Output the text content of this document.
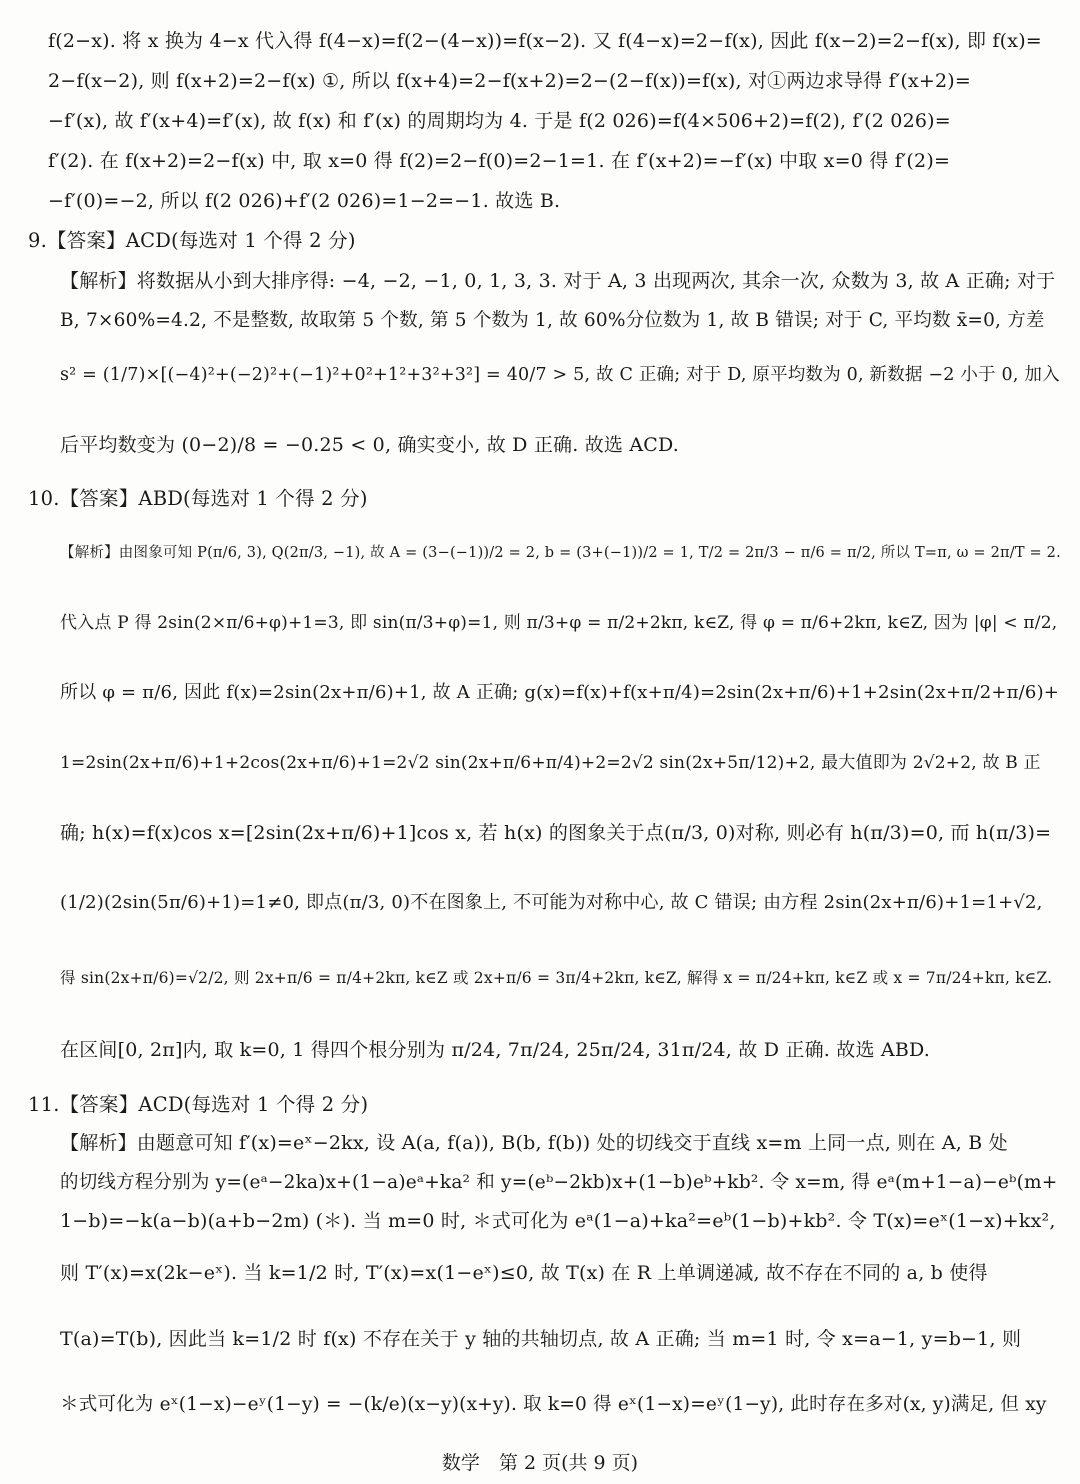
f(2−x). 将 x 换为 4−x 代入得 f(4−x)=f(2−(4−x))=f(x−2). 又 f(4−x)=2−f(x), 因此 f(x−2)=2−f(x), 即 f(x)=
2−f(x−2), 则 f(x+2)=2−f(x) ①, 所以 f(x+4)=2−f(x+2)=2−(2−f(x))=f(x), 对①两边求导得 f′(x+2)=
−f′(x), 故 f′(x+4)=f′(x), 故 f(x) 和 f′(x) 的周期均为 4. 于是 f(2 026)=f(4×506+2)=f(2), f′(2 026)=
f′(2). 在 f(x+2)=2−f(x) 中, 取 x=0 得 f(2)=2−f(0)=2−1=1. 在 f′(x+2)=−f′(x) 中取 x=0 得 f′(2)=
−f′(0)=−2, 所以 f(2 026)+f′(2 026)=1−2=−1. 故选 B.
9.【答案】ACD(每选对 1 个得 2 分)
【解析】将数据从小到大排序得: −4, −2, −1, 0, 1, 3, 3. 对于 A, 3 出现两次, 其余一次, 众数为 3, 故 A 正确; 对于
B, 7×60%=4.2, 不是整数, 故取第 5 个数, 第 5 个数为 1, 故 60%分位数为 1, 故 B 错误; 对于 C, 平均数 x̄=0, 方差
s² = (1/7)×[(−4)²+(−2)²+(−1)²+0²+1²+3²+3²] = 40/7 > 5, 故 C 正确; 对于 D, 原平均数为 0, 新数据 −2 小于 0, 加入
后平均数变为 (0−2)/8 = −0.25 < 0, 确实变小, 故 D 正确. 故选 ACD.
10.【答案】ABD(每选对 1 个得 2 分)
【解析】由图象可知 P(π/6, 3), Q(2π/3, −1), 故 A = (3−(−1))/2 = 2, b = (3+(−1))/2 = 1, T/2 = 2π/3 − π/6 = π/2, 所以 T=π, ω = 2π/T = 2.
代入点 P 得 2sin(2×π/6+φ)+1=3, 即 sin(π/3+φ)=1, 则 π/3+φ = π/2+2kπ, k∈Z, 得 φ = π/6+2kπ, k∈Z, 因为 |φ| < π/2,
所以 φ = π/6, 因此 f(x)=2sin(2x+π/6)+1, 故 A 正确; g(x)=f(x)+f(x+π/4)=2sin(2x+π/6)+1+2sin(2x+π/2+π/6)+
1=2sin(2x+π/6)+1+2cos(2x+π/6)+1=2√2 sin(2x+π/6+π/4)+2=2√2 sin(2x+5π/12)+2, 最大值即为 2√2+2, 故 B 正
确; h(x)=f(x)cos x=[2sin(2x+π/6)+1]cos x, 若 h(x) 的图象关于点(π/3, 0)对称, 则必有 h(π/3)=0, 而 h(π/3)=
(1/2)(2sin(5π/6)+1)=1≠0, 即点(π/3, 0)不在图象上, 不可能为对称中心, 故 C 错误; 由方程 2sin(2x+π/6)+1=1+√2,
得 sin(2x+π/6)=√2/2, 则 2x+π/6 = π/4+2kπ, k∈Z 或 2x+π/6 = 3π/4+2kπ, k∈Z, 解得 x = π/24+kπ, k∈Z 或 x = 7π/24+kπ, k∈Z.
在区间[0, 2π]内, 取 k=0, 1 得四个根分别为 π/24, 7π/24, 25π/24, 31π/24, 故 D 正确. 故选 ABD.
11.【答案】ACD(每选对 1 个得 2 分)
【解析】由题意可知 f′(x)=eˣ−2kx, 设 A(a, f(a)), B(b, f(b)) 处的切线交于直线 x=m 上同一点, 则在 A, B 处
的切线方程分别为 y=(eᵃ−2ka)x+(1−a)eᵃ+ka² 和 y=(eᵇ−2kb)x+(1−b)eᵇ+kb². 令 x=m, 得 eᵃ(m+1−a)−eᵇ(m+
1−b)=−k(a−b)(a+b−2m) (＊). 当 m=0 时, ＊式可化为 eᵃ(1−a)+ka²=eᵇ(1−b)+kb². 令 T(x)=eˣ(1−x)+kx²,
则 T′(x)=x(2k−eˣ). 当 k=1/2 时, T′(x)=x(1−eˣ)≤0, 故 T(x) 在 R 上单调递减, 故不存在不同的 a, b 使得
T(a)=T(b), 因此当 k=1/2 时 f(x) 不存在关于 y 轴的共轴切点, 故 A 正确; 当 m=1 时, 令 x=a−1, y=b−1, 则
＊式可化为 eˣ(1−x)−eʸ(1−y) = −(k/e)(x−y)(x+y). 取 k=0 得 eˣ(1−x)=eʸ(1−y), 此时存在多对(x, y)满足, 但 xy
数学　第 2 页(共 9 页)
